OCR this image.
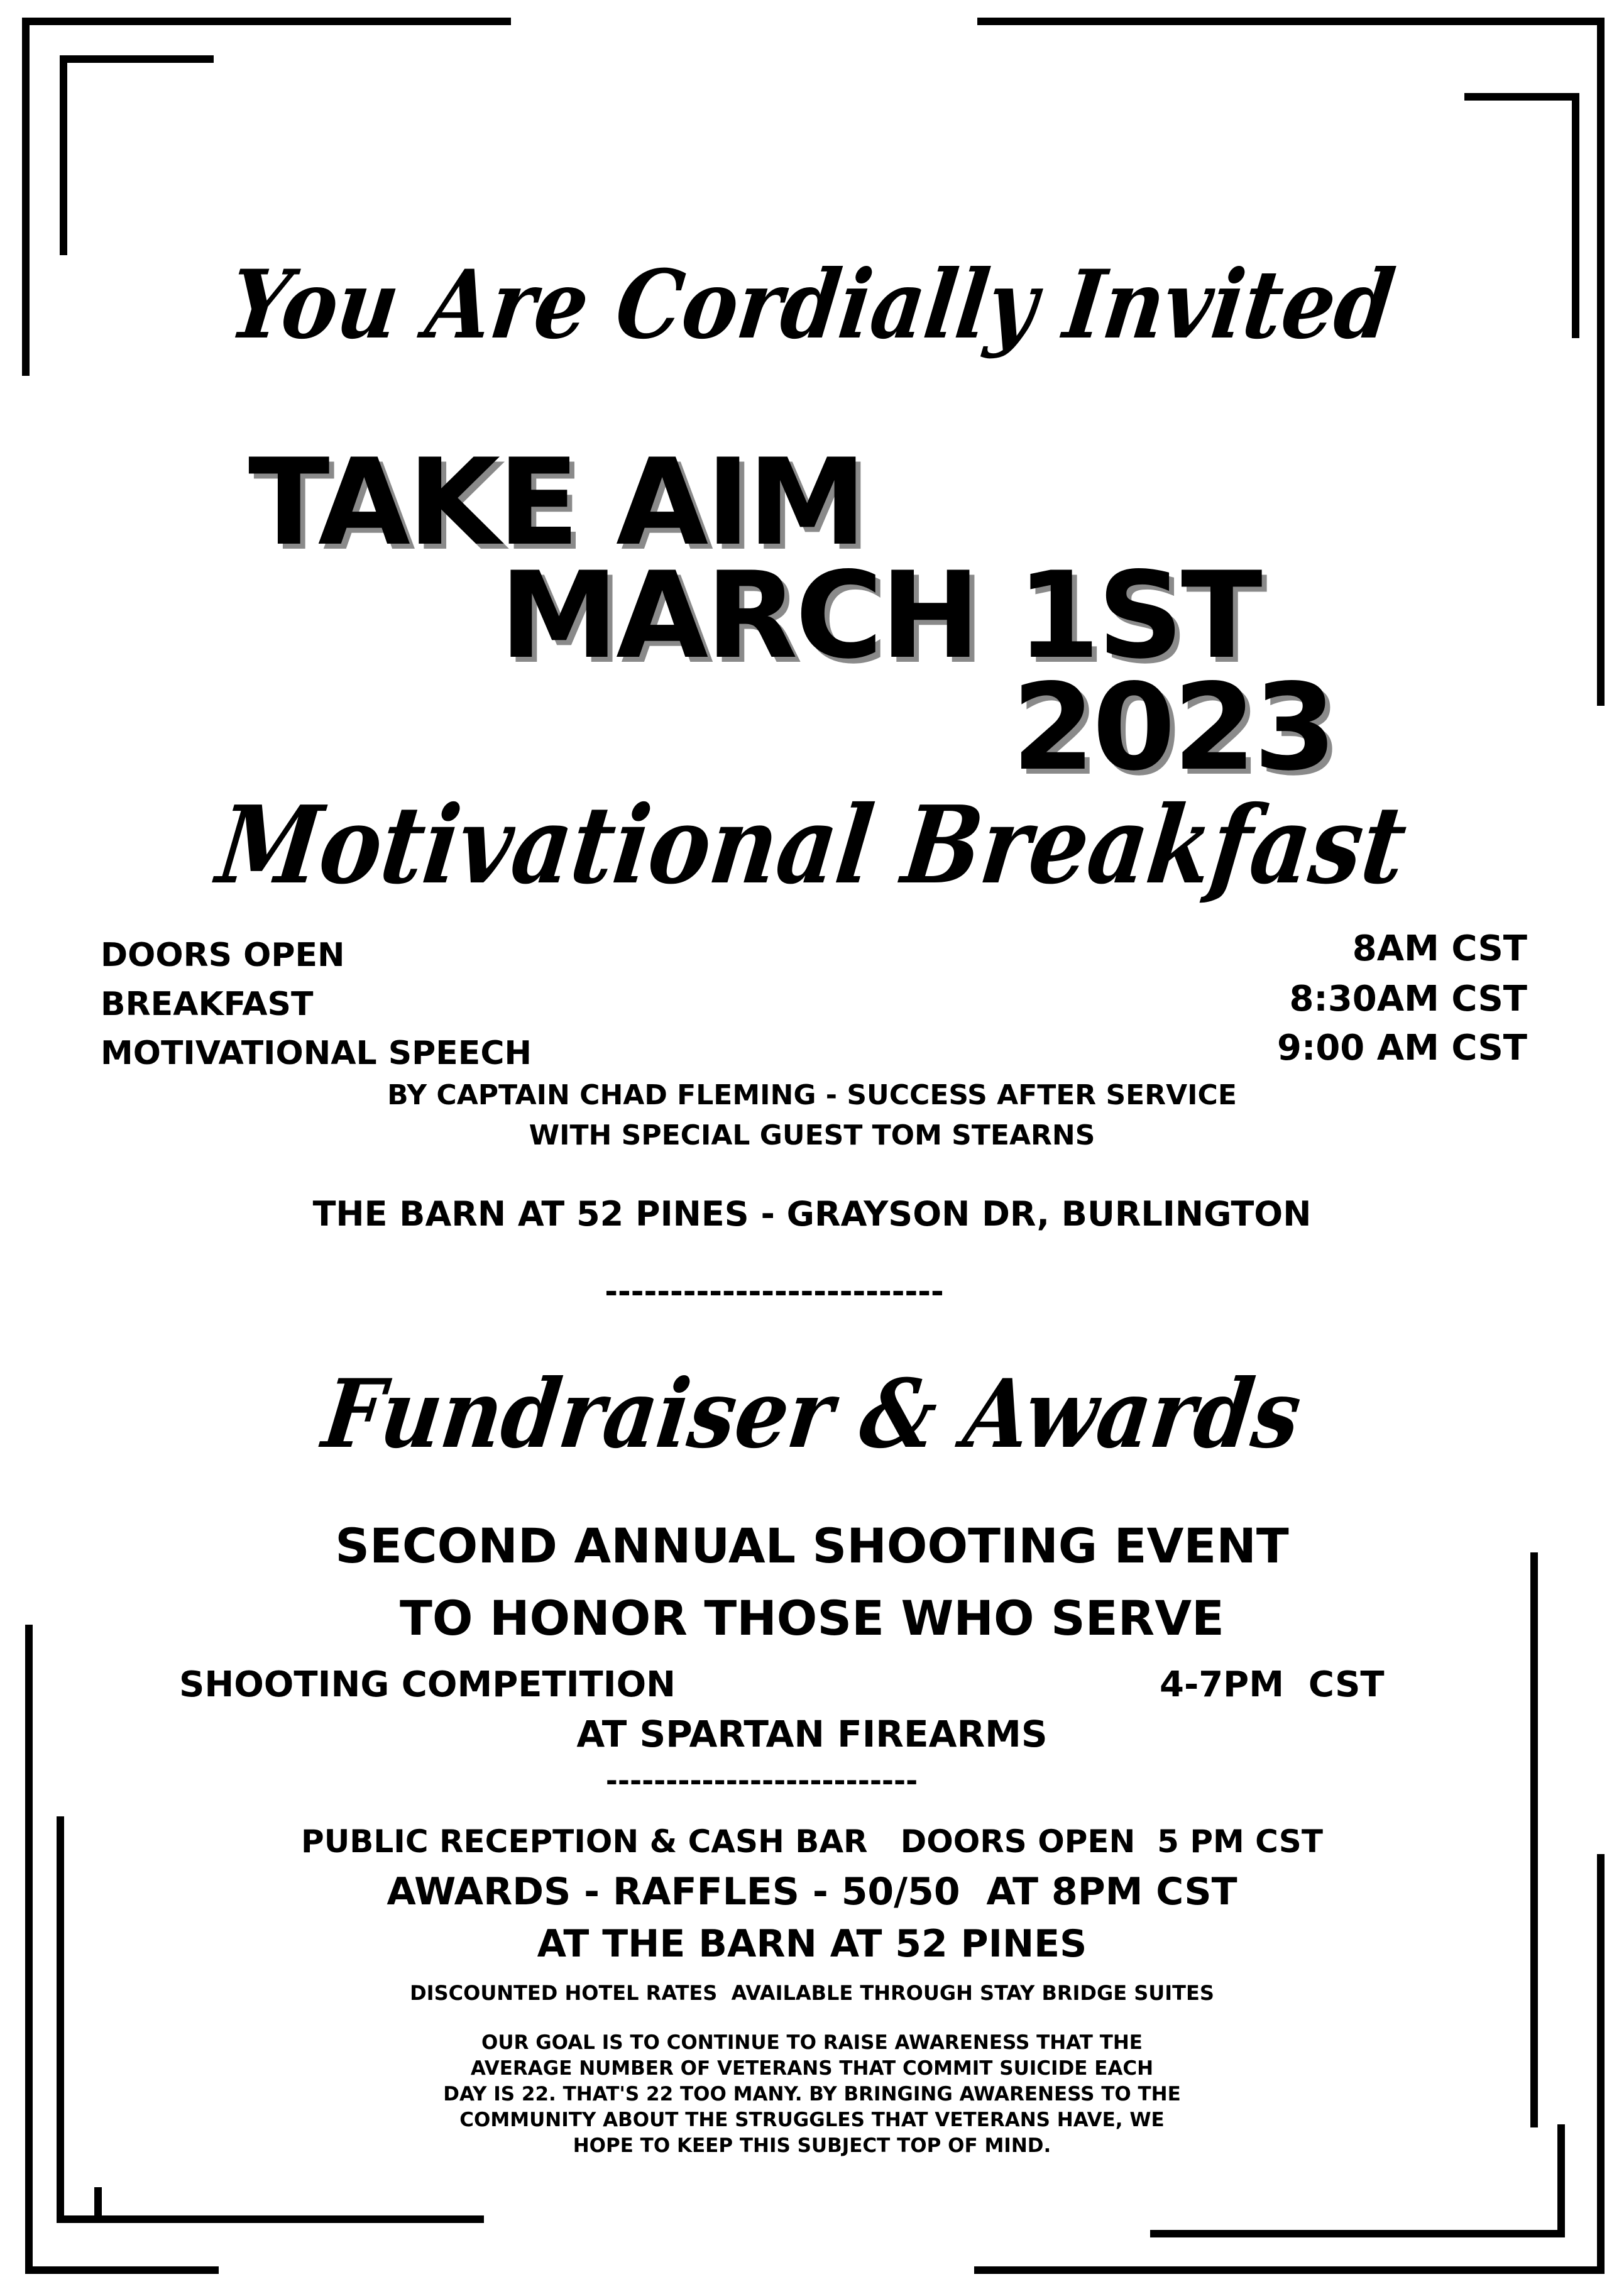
You Are Cordially Invited
TAKE AIM
MARCH 1ST
2023
Motivational Breakfast
DOORS OPEN	8AM CST
BREAKFAST	8:30AM CST
MOTIVATIONAL SPEECH	9:00 AM CST
BY CAPTAIN CHAD FLEMING - SUCCESS AFTER SERVICE
WITH SPECIAL GUEST TOM STEARNS
THE BARN AT 52 PINES - GRAYSON DR, BURLINGTON
--------------------------
Fundraiser & Awards
SECOND ANNUAL SHOOTING EVENT
TO HONOR THOSE WHO SERVE
SHOOTING COMPETITION	4-7PM  CST
AT SPARTAN FIREARMS
--------------------------
PUBLIC RECEPTION & CASH BAR   DOORS OPEN  5 PM CST
AWARDS - RAFFLES - 50/50  AT 8PM CST
AT THE BARN AT 52 PINES
DISCOUNTED HOTEL RATES  AVAILABLE THROUGH STAY BRIDGE SUITES
OUR GOAL IS TO CONTINUE TO RAISE AWARENESS THAT THE
AVERAGE NUMBER OF VETERANS THAT COMMIT SUICIDE EACH
DAY IS 22. THAT'S 22 TOO MANY. BY BRINGING AWARENESS TO THE
COMMUNITY ABOUT THE STRUGGLES THAT VETERANS HAVE, WE
HOPE TO KEEP THIS SUBJECT TOP OF MIND.
